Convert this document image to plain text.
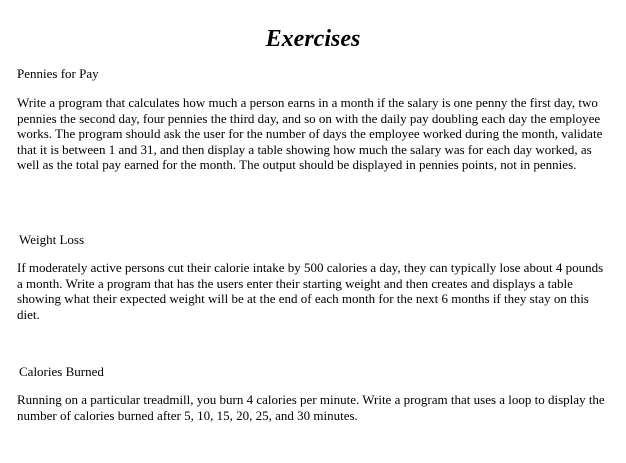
Exercises
Pennies for Pay

Write a program that calculates how much a person earns in a month if the salary is one penny the first day, two pennies the second day, four pennies the third day, and so on with the daily pay doubling each day the employee works. The program should ask the user for the number of days the employee worked during the month, validate that it is between 1 and 31, and then display a table showing how much the salary was for each day worked, as well as the total pay earned for the month. The output should be displayed in pennies points, not in pennies.

Weight Loss

If moderately active persons cut their calorie intake by 500 calories a day, they can typically lose about 4 pounds a month. Write a program that has the users enter their starting weight and then creates and displays a table showing what their expected weight will be at the end of each month for the next 6 months if they stay on this diet.

Calories Burned

Running on a particular treadmill, you burn 4 calories per minute. Write a program that uses a loop to display the number of calories burned after 5, 10, 15, 20, 25, and 30 minutes.
